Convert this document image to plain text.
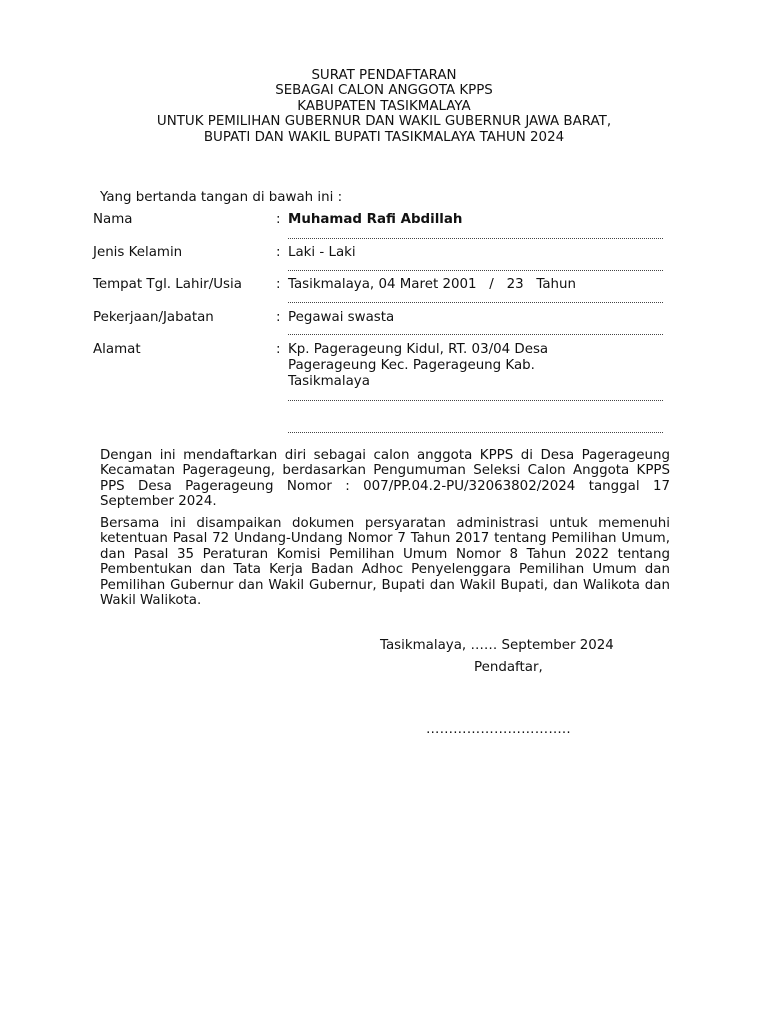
SURAT PENDAFTARAN
SEBAGAI CALON ANGGOTA KPPS
KABUPATEN TASIKMALAYA
UNTUK PEMILIHAN GUBERNUR DAN WAKIL GUBERNUR JAWA BARAT,
BUPATI DAN WAKIL BUPATI TASIKMALAYA TAHUN 2024
Yang bertanda tangan di bawah ini :
Nama	: Muhamad Rafi Abdillah
Jenis Kelamin	: Laki - Laki
Tempat Tgl. Lahir/Usia	: Tasikmalaya, 04 Maret 2001   /   23   Tahun
Pekerjaan/Jabatan	: Pegawai swasta
Alamat	: Kp. Pagerageung Kidul, RT. 03/04 Desa Pagerageung Kec. Pagerageung Kab. Tasikmalaya
Dengan ini mendaftarkan diri sebagai calon anggota KPPS di Desa Pagerageung Kecamatan Pagerageung, berdasarkan Pengumuman Seleksi Calon Anggota KPPS PPS Desa Pagerageung Nomor : 007/PP.04.2-PU/32063802/2024 tanggal 17 September 2024.
Bersama ini disampaikan dokumen persyaratan administrasi untuk memenuhi ketentuan Pasal 72 Undang-Undang Nomor 7 Tahun 2017 tentang Pemilihan Umum, dan Pasal 35 Peraturan Komisi Pemilihan Umum Nomor 8 Tahun 2022 tentang Pembentukan dan Tata Kerja Badan Adhoc Penyelenggara Pemilihan Umum dan Pemilihan Gubernur dan Wakil Gubernur, Bupati dan Wakil Bupati, dan Walikota dan Wakil Walikota.
Tasikmalaya, …… September 2024
Pendaftar,
…………………………..
